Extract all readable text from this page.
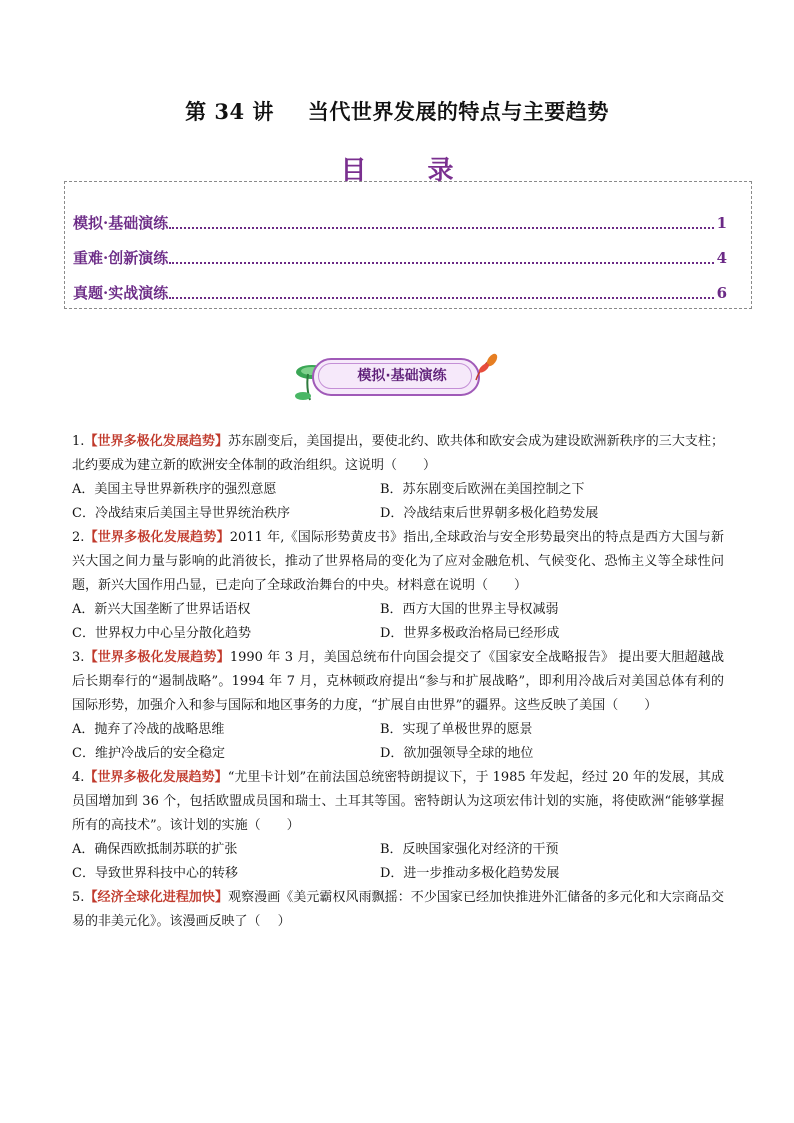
第 34 讲 当代世界发展的特点与主要趋势
目 录
模拟·基础演练	1
重难·创新演练	4
真题·实战演练	6
模拟·基础演练

1.【世界多极化发展趋势】苏东剧变后，美国提出，要使北约、欧共体和欧安会成为建设欧洲新秩序的三大支柱；北约要成为建立新的欧洲安全体制的政治组织。这说明（　　）

A．美国主导世界新秩序的强烈意愿	B．苏东剧变后欧洲在美国控制之下

C．冷战结束后美国主导世界统治秩序	D．冷战结束后世界朝多极化趋势发展

2.【世界多极化发展趋势】2011 年,《国际形势黄皮书》指出,全球政治与安全形势最突出的特点是西方大国与新兴大国之间力量与影响的此消彼长，推动了世界格局的变化为了应对金融危机、气候变化、恐怖主义等全球性问题，新兴大国作用凸显，已走向了全球政治舞台的中央。材料意在说明（　　）

A．新兴大国垄断了世界话语权	B．西方大国的世界主导权减弱

C．世界权力中心呈分散化趋势	D．世界多极政治格局已经形成

3.【世界多极化发展趋势】1990 年 3 月，美国总统布什向国会提交了《国家安全战略报告》 提出要大胆超越战后长期奉行的“遏制战略”。1994 年 7 月，克林顿政府提出“参与和扩展战略”，即利用冷战后对美国总体有利的国际形势，加强介入和参与国际和地区事务的力度，“扩展自由世界”的疆界。这些反映了美国（　　）

A．抛弃了冷战的战略思维	B．实现了单极世界的愿景

C．维护冷战后的安全稳定	D．欲加强领导全球的地位

4.【世界多极化发展趋势】“尤里卡计划”在前法国总统密特朗提议下，于 1985 年发起，经过 20 年的发展，其成员国增加到 36 个，包括欧盟成员国和瑞士、土耳其等国。密特朗认为这项宏伟计划的实施，将使欧洲“能够掌握所有的高技术”。该计划的实施（　　）

A．确保西欧抵制苏联的扩张	B．反映国家强化对经济的干预

C．导致世界科技中心的转移	D．进一步推动多极化趋势发展

5.【经济全球化进程加快】观察漫画《美元霸权风雨飘摇：不少国家已经加快推进外汇储备的多元化和大宗商品交易的非美元化》。该漫画反映了（　 ）
